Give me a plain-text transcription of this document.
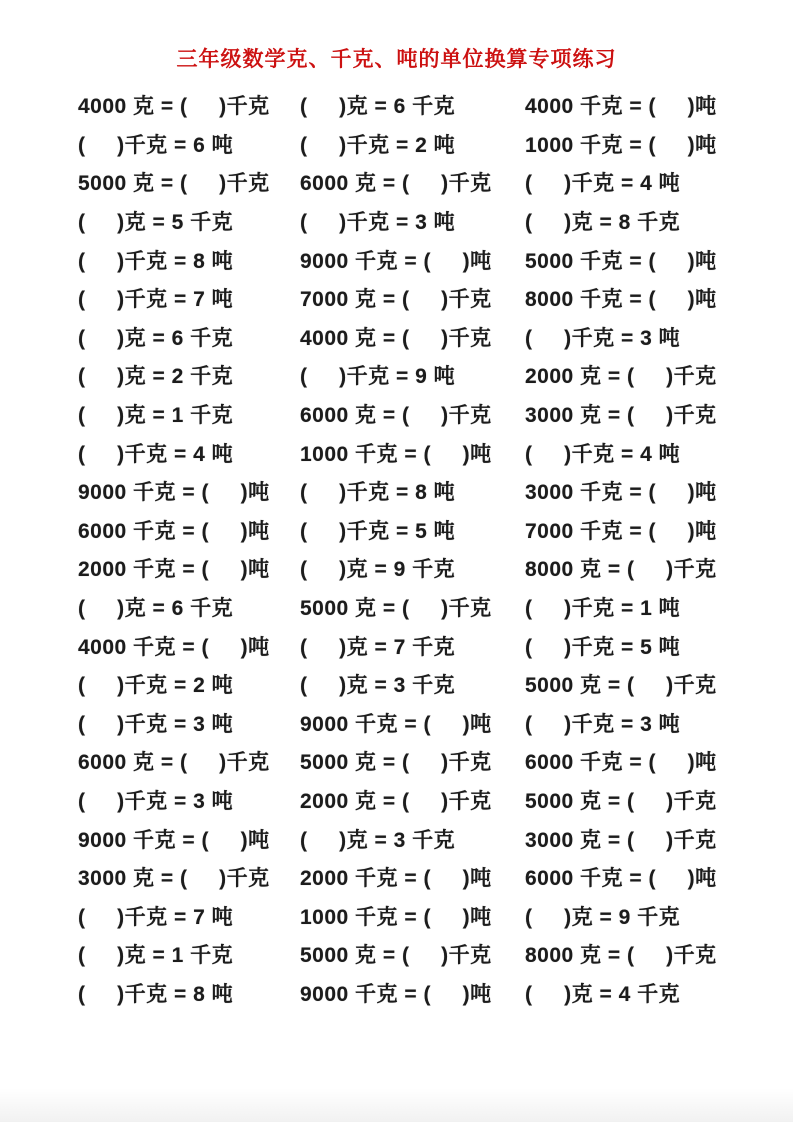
三年级数学克、千克、吨的单位换算专项练习
4000 克 = (     )千克	(     )克 = 6 千克	4000 千克 = (     )吨
(     )千克 = 6 吨	(     )千克 = 2 吨	1000 千克 = (     )吨
5000 克 = (     )千克	6000 克 = (     )千克	(     )千克 = 4 吨
(     )克 = 5 千克	(     )千克 = 3 吨	(     )克 = 8 千克
(     )千克 = 8 吨	9000 千克 = (     )吨	5000 千克 = (     )吨
(     )千克 = 7 吨	7000 克 = (     )千克	8000 千克 = (     )吨
(     )克 = 6 千克	4000 克 = (     )千克	(     )千克 = 3 吨
(     )克 = 2 千克	(     )千克 = 9 吨	2000 克 = (     )千克
(     )克 = 1 千克	6000 克 = (     )千克	3000 克 = (     )千克
(     )千克 = 4 吨	1000 千克 = (     )吨	(     )千克 = 4 吨
9000 千克 = (     )吨	(     )千克 = 8 吨	3000 千克 = (     )吨
6000 千克 = (     )吨	(     )千克 = 5 吨	7000 千克 = (     )吨
2000 千克 = (     )吨	(     )克 = 9 千克	8000 克 = (     )千克
(     )克 = 6 千克	5000 克 = (     )千克	(     )千克 = 1 吨
4000 千克 = (     )吨	(     )克 = 7 千克	(     )千克 = 5 吨
(     )千克 = 2 吨	(     )克 = 3 千克	5000 克 = (     )千克
(     )千克 = 3 吨	9000 千克 = (     )吨	(     )千克 = 3 吨
6000 克 = (     )千克	5000 克 = (     )千克	6000 千克 = (     )吨
(     )千克 = 3 吨	2000 克 = (     )千克	5000 克 = (     )千克
9000 千克 = (     )吨	(     )克 = 3 千克	3000 克 = (     )千克
3000 克 = (     )千克	2000 千克 = (     )吨	6000 千克 = (     )吨
(     )千克 = 7 吨	1000 千克 = (     )吨	(     )克 = 9 千克
(     )克 = 1 千克	5000 克 = (     )千克	8000 克 = (     )千克
(     )千克 = 8 吨	9000 千克 = (     )吨	(     )克 = 4 千克
